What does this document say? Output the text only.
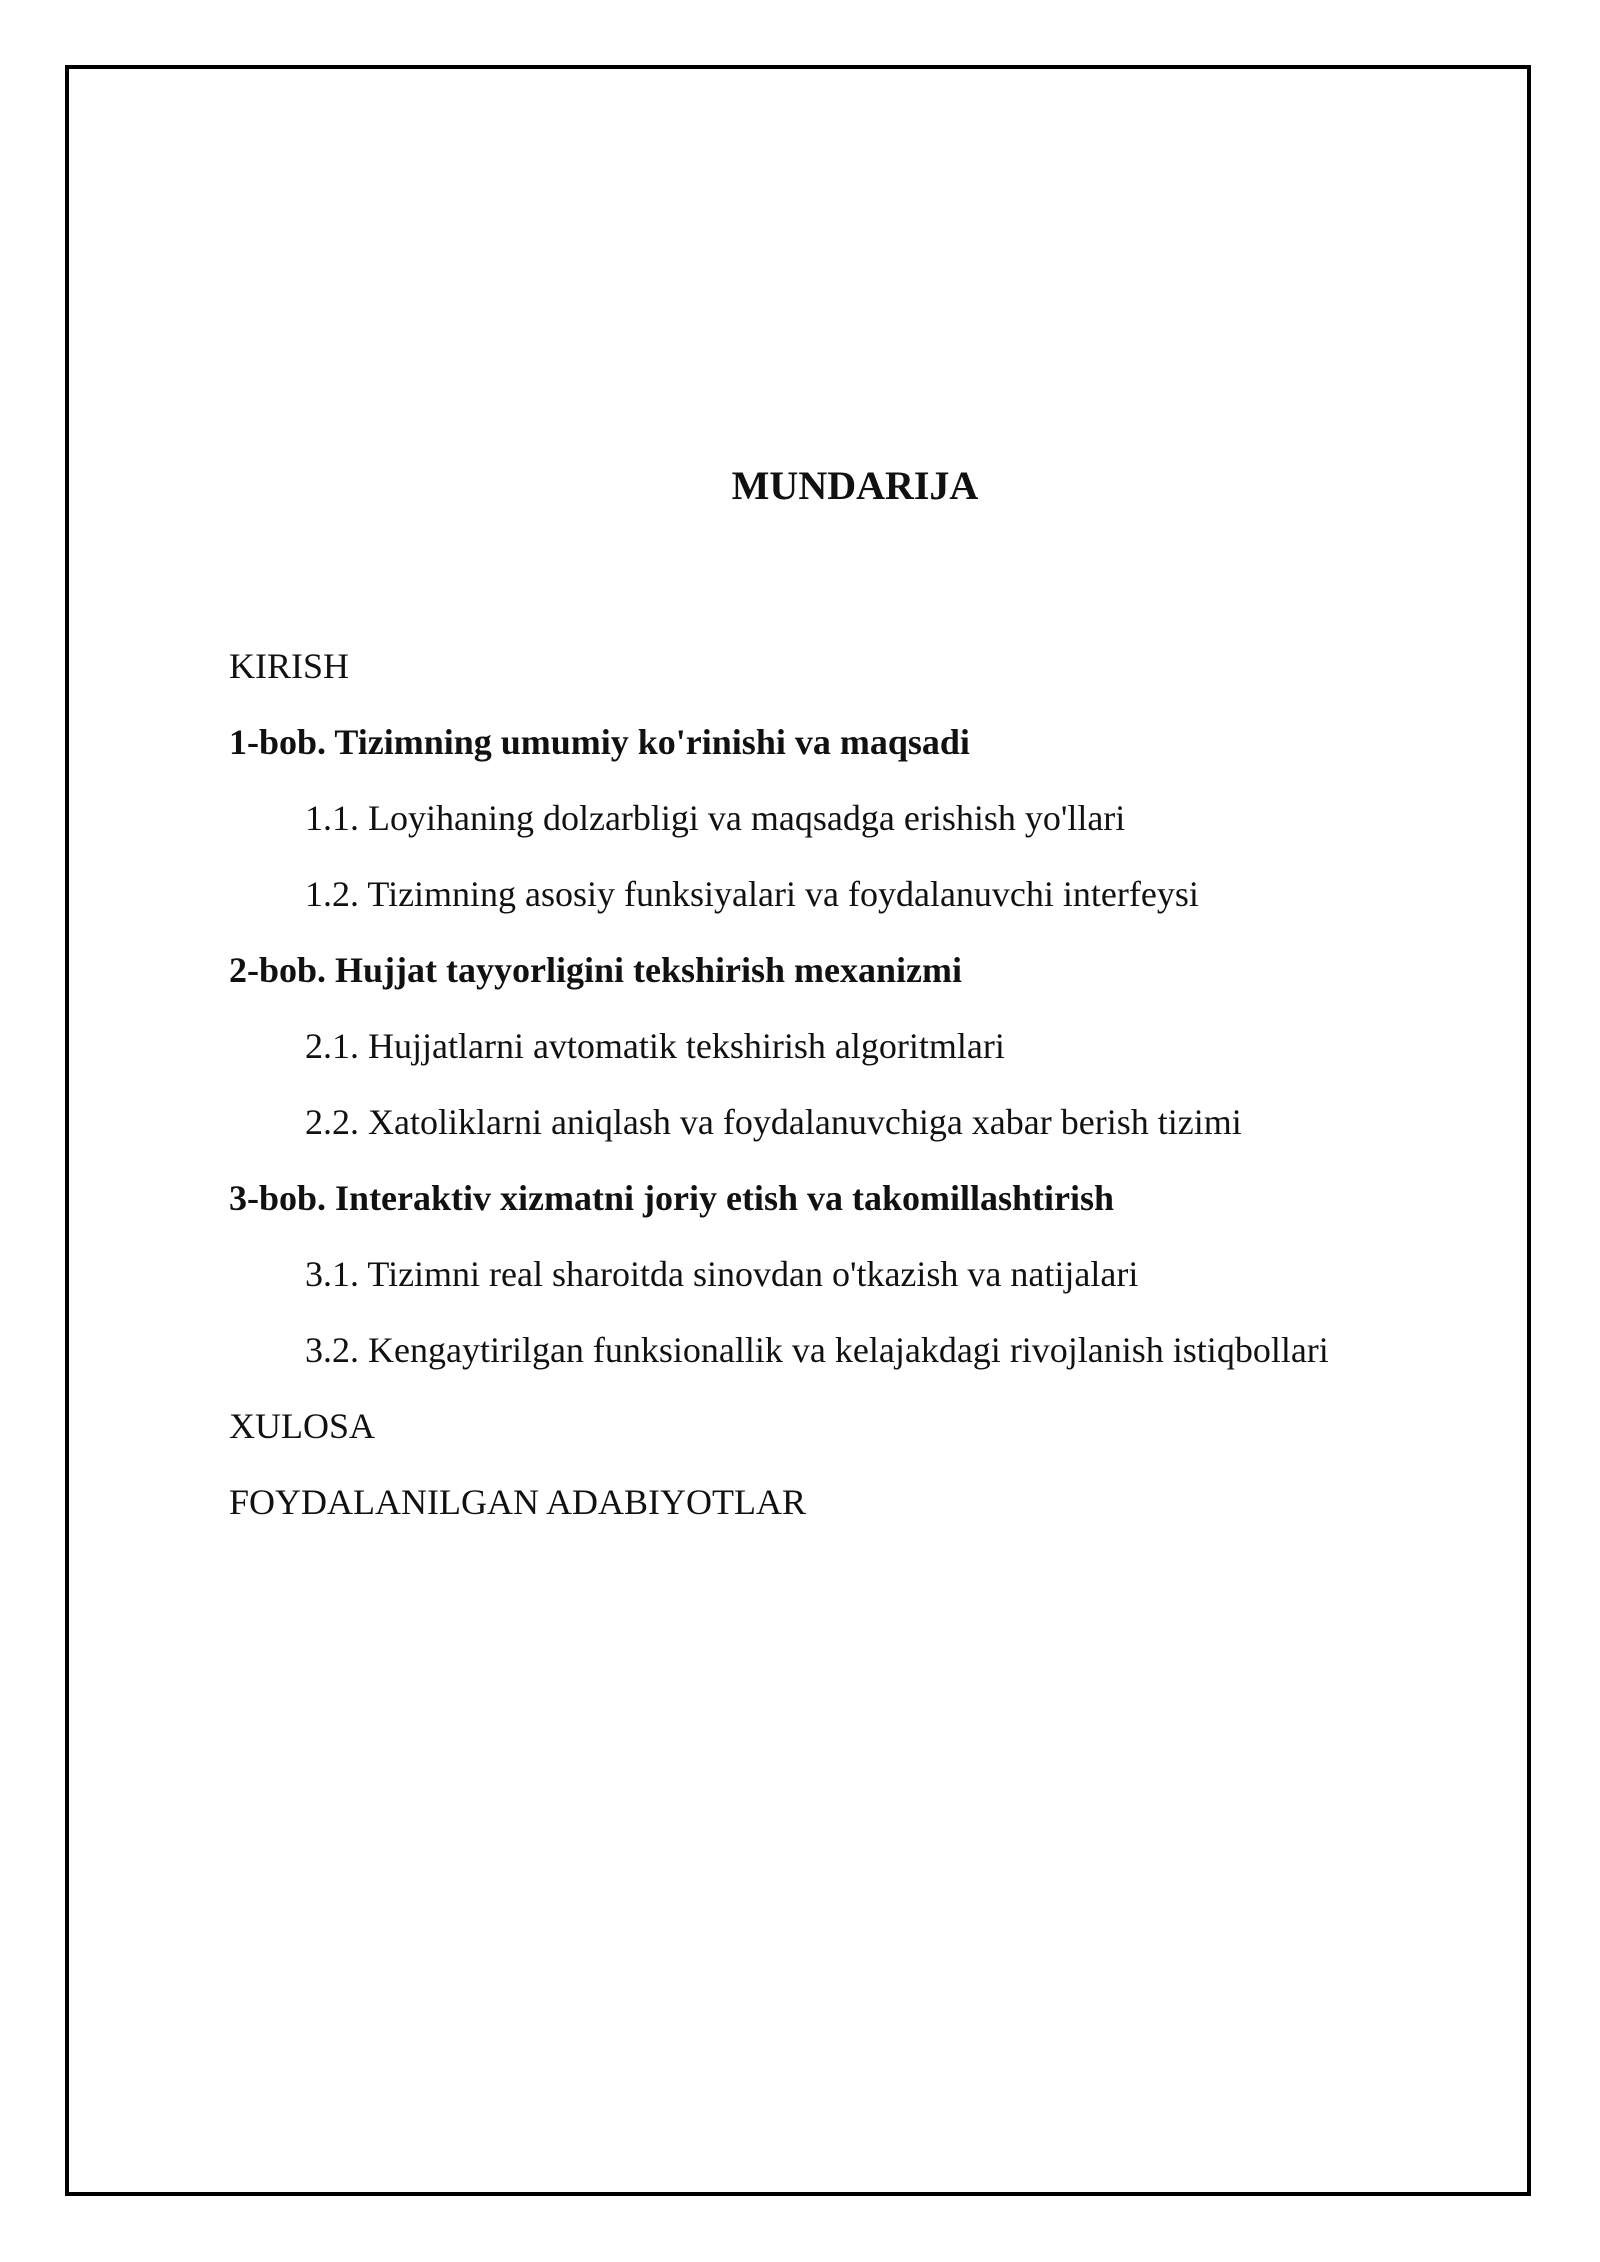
MUNDARIJA
KIRISH
1-bob. Tizimning umumiy ko'rinishi va maqsadi
1.1. Loyihaning dolzarbligi va maqsadga erishish yo'llari
1.2. Tizimning asosiy funksiyalari va foydalanuvchi interfeysi
2-bob. Hujjat tayyorligini tekshirish mexanizmi
2.1. Hujjatlarni avtomatik tekshirish algoritmlari
2.2. Xatoliklarni aniqlash va foydalanuvchiga xabar berish tizimi
3-bob. Interaktiv xizmatni joriy etish va takomillashtirish
3.1. Tizimni real sharoitda sinovdan o'tkazish va natijalari
3.2. Kengaytirilgan funksionallik va kelajakdagi rivojlanish istiqbollari
XULOSA
FOYDALANILGAN ADABIYOTLAR
